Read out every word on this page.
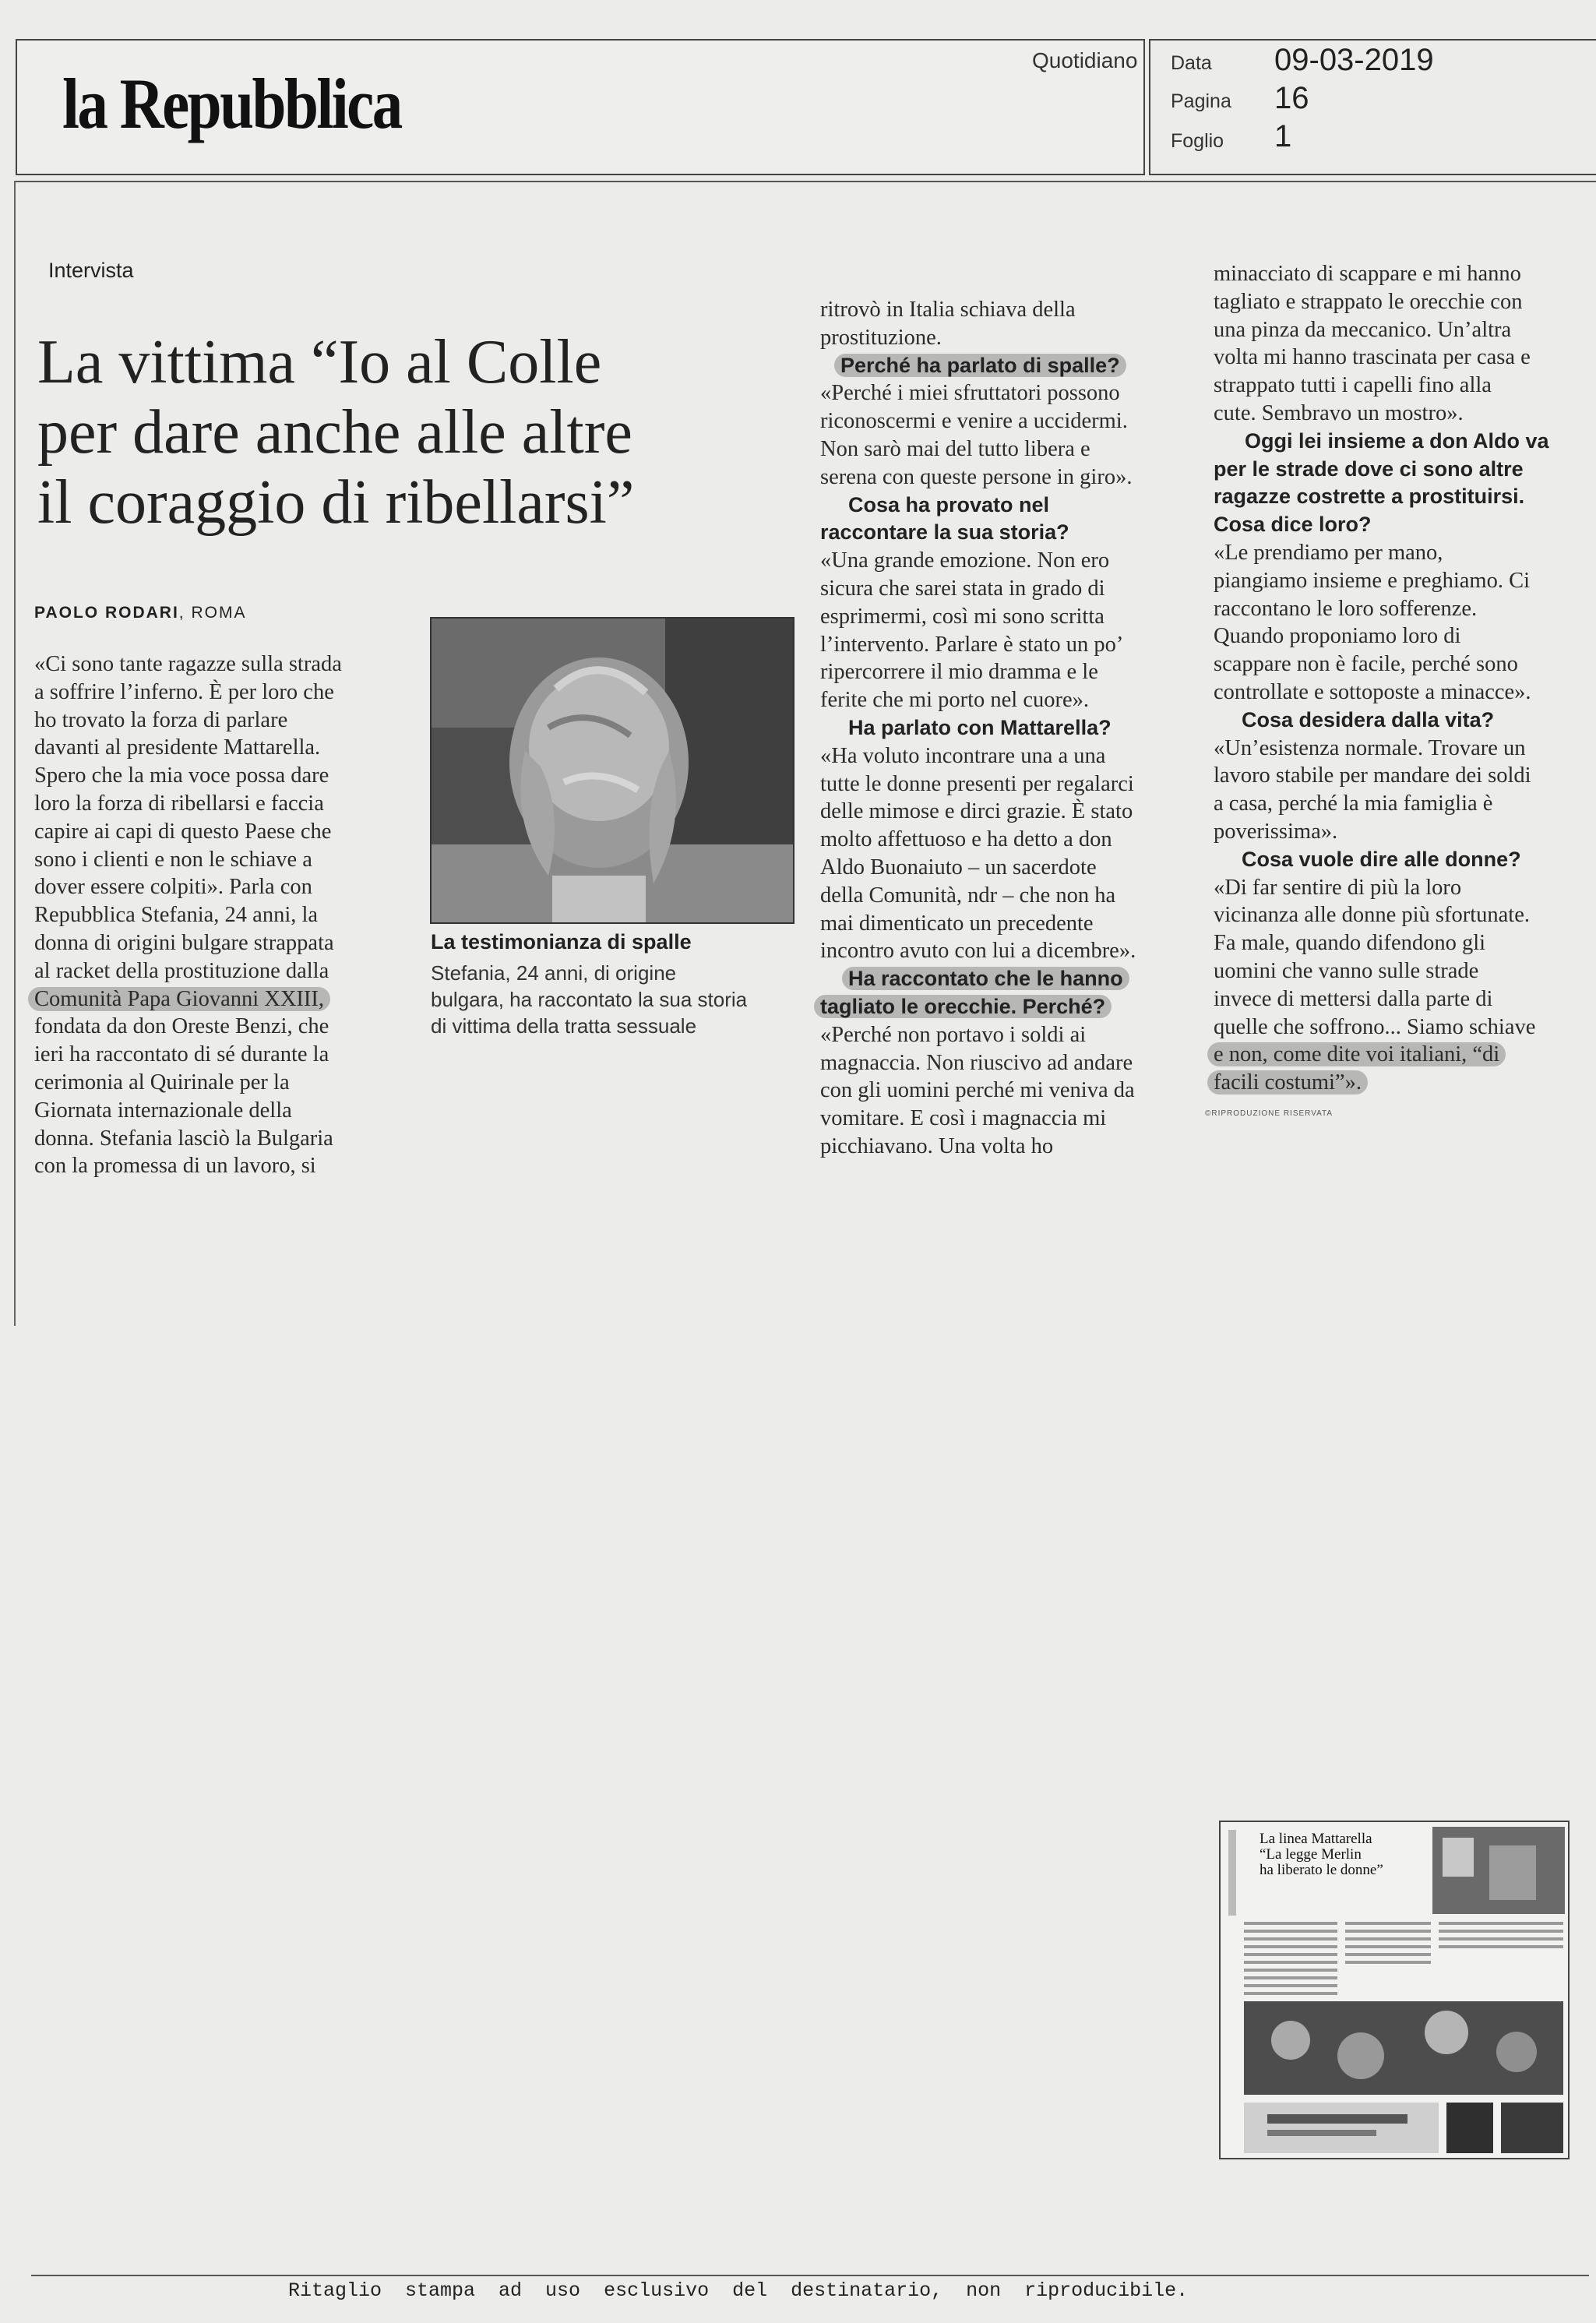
la Repubblica
Quotidiano Data 09-03-2019
Pagina 16
Foglio 1
Intervista
La vittima “Io al Colle
per dare anche alle altre
il coraggio di ribellarsi”
PAOLO RODARI, ROMA
«Ci sono tante ragazze sulla strada
a soffrire l’inferno. È per loro che
ho trovato la forza di parlare
davanti al presidente Mattarella.
Spero che la mia voce possa dare
loro la forza di ribellarsi e faccia
capire ai capi di questo Paese che
sono i clienti e non le schiave a
dover essere colpiti». Parla con
Repubblica Stefania, 24 anni, la
donna di origini bulgare strappata
al racket della prostituzione dalla
Comunità Papa Giovanni XXIII,
fondata da don Oreste Benzi, che
ieri ha raccontato di sé durante la
cerimonia al Quirinale per la
Giornata internazionale della
donna. Stefania lasciò la Bulgaria
con la promessa di un lavoro, si
La testimonianza di spalle
Stefania, 24 anni, di origine
bulgara, ha raccontato la sua storia
di vittima della tratta sessuale
ritrovò in Italia schiava della
prostituzione.
Perché ha parlato di spalle?
«Perché i miei sfruttatori possono
riconoscermi e venire a uccidermi.
Non sarò mai del tutto libera e
serena con queste persone in giro».
Cosa ha provato nel
raccontare la sua storia?
«Una grande emozione. Non ero
sicura che sarei stata in grado di
esprimermi, così mi sono scritta
l’intervento. Parlare è stato un po’
ripercorrere il mio dramma e le
ferite che mi porto nel cuore».
Ha parlato con Mattarella?
«Ha voluto incontrare una a una
tutte le donne presenti per regalarci
delle mimose e dirci grazie. È stato
molto affettuoso e ha detto a don
Aldo Buonaiuto – un sacerdote
della Comunità, ndr – che non ha
mai dimenticato un precedente
incontro avuto con lui a dicembre».
Ha raccontato che le hanno
tagliato le orecchie. Perché?
«Perché non portavo i soldi ai
magnaccia. Non riuscivo ad andare
con gli uomini perché mi veniva da
vomitare. E così i magnaccia mi
picchiavano. Una volta ho
minacciato di scappare e mi hanno
tagliato e strappato le orecchie con
una pinza da meccanico. Un’altra
volta mi hanno trascinata per casa e
strappato tutti i capelli fino alla
cute. Sembravo un mostro».
Oggi lei insieme a don Aldo va
per le strade dove ci sono altre
ragazze costrette a prostituirsi.
Cosa dice loro?
«Le prendiamo per mano,
piangiamo insieme e preghiamo. Ci
raccontano le loro sofferenze.
Quando proponiamo loro di
scappare non è facile, perché sono
controllate e sottoposte a minacce».
Cosa desidera dalla vita?
«Un’esistenza normale. Trovare un
lavoro stabile per mandare dei soldi
a casa, perché la mia famiglia è
poverissima».
Cosa vuole dire alle donne?
«Di far sentire di più la loro
vicinanza alle donne più sfortunate.
Fa male, quando difendono gli
uomini che vanno sulle strade
invece di mettersi dalla parte di
quelle che soffrono... Siamo schiave
e non, come dite voi italiani, “di
facili costumi”».
©RIPRODUZIONE RISERVATA
La linea Mattarella
“La legge Merlin
ha liberato le donne”
Ritaglio  stampa  ad  uso  esclusivo  del  destinatario,  non  riproducibile.
